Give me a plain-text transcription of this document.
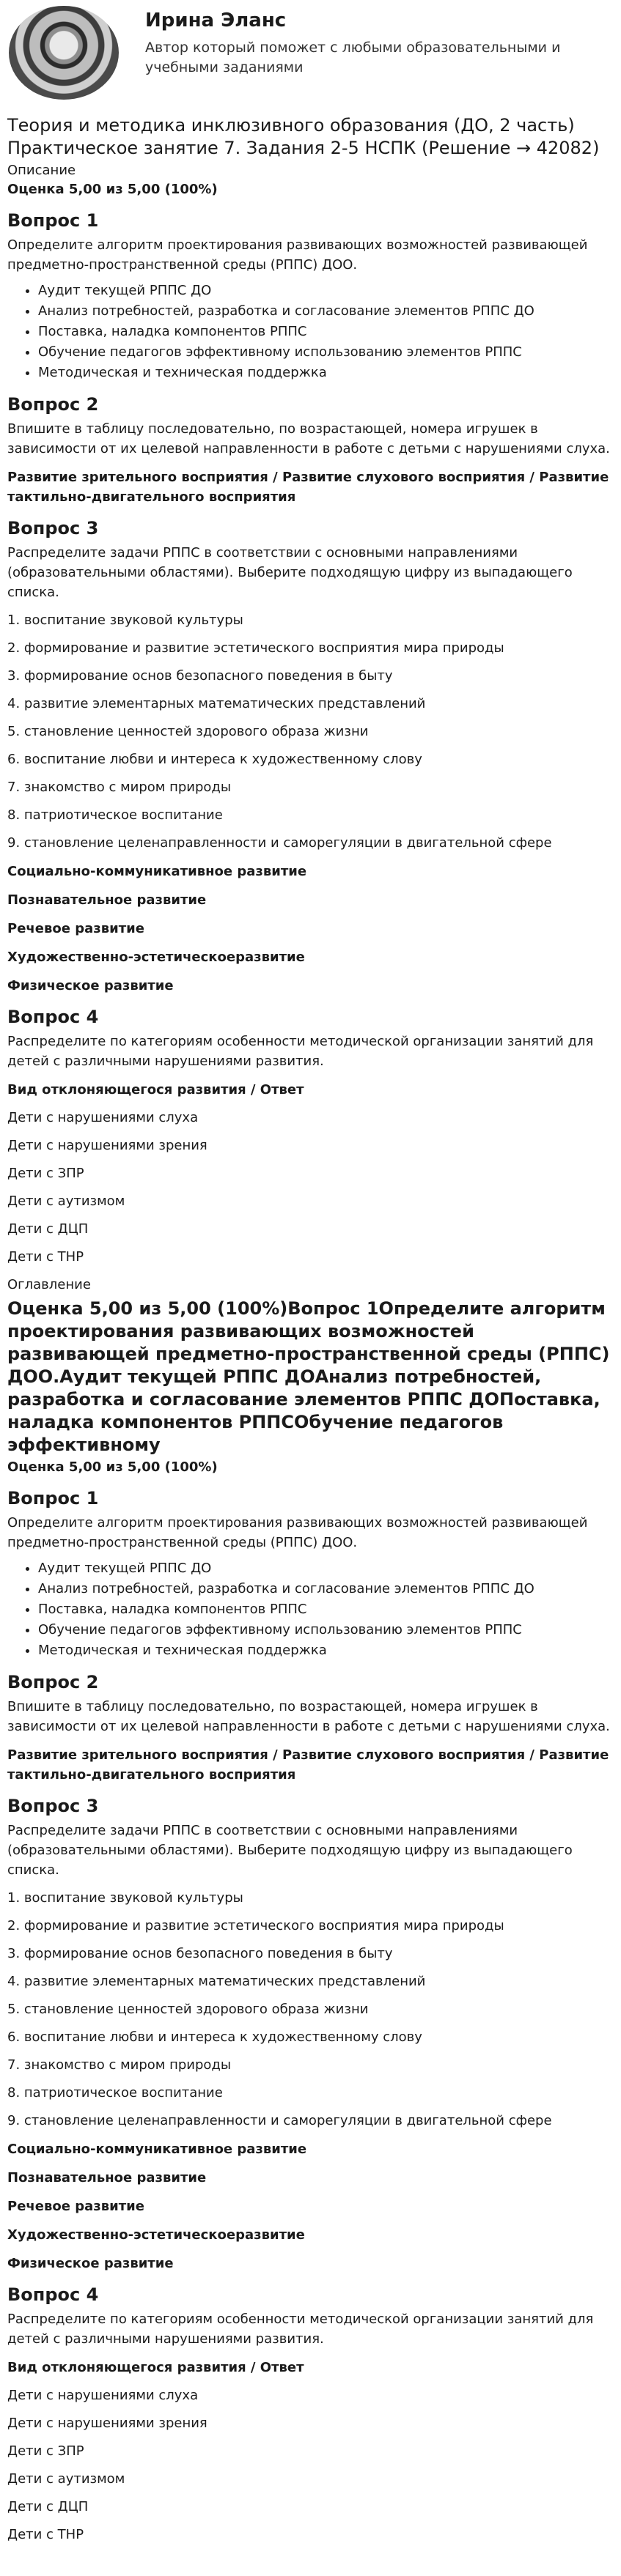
Ирина Эланс
Автор который поможет с любыми образовательными и учебными заданиями
Теория и методика инклюзивного образования (ДО, 2 часть)
Практическое занятие 7. Задания 2-5 НСПК (Решение → 42082)
Описание
Оценка 5,00 из 5,00 (100%)
Вопрос 1
Определите алгоритм проектирования развивающих возможностей развивающей предметно-пространственной среды (РППС) ДОО.
• Аудит текущей РППС ДО
• Анализ потребностей, разработка и согласование элементов РППС ДО
• Поставка, наладка компонентов РППС
• Обучение педагогов эффективному использованию элементов РППС
• Методическая и техническая поддержка
Вопрос 2
Впишите в таблицу последовательно, по возрастающей, номера игрушек в зависимости от их целевой направленности в работе с детьми с нарушениями слуха.
Развитие зрительного восприятия / Развитие слухового восприятия / Развитие тактильно-двигательного восприятия
Вопрос 3
Распределите задачи РППС в соответствии с основными направлениями (образовательными областями). Выберите подходящую цифру из выпадающего списка.
1. воспитание звуковой культуры
2. формирование и развитие эстетического восприятия мира природы
3. формирование основ безопасного поведения в быту
4. развитие элементарных математических представлений
5. становление ценностей здорового образа жизни
6. воспитание любви и интереса к художественному слову
7. знакомство с миром природы
8. патриотическое воспитание
9. становление целенаправленности и саморегуляции в двигательной сфере
Социально-коммуникативное развитие
Познавательное развитие
Речевое развитие
Художественно-эстетическоеразвитие
Физическое развитие
Вопрос 4
Распределите по категориям особенности методической организации занятий для детей с различными нарушениями развития.
Вид отклоняющегося развития / Ответ
Дети с нарушениями слуха
Дети с нарушениями зрения
Дети с ЗПР
Дети с аутизмом
Дети с ДЦП
Дети с ТНР
Оглавление
Оценка 5,00 из 5,00 (100%)Вопрос 1Определите алгоритм проектирования развивающих возможностей развивающей предметно-пространственной среды (РППС) ДОО.Аудит текущей РППС ДОАнализ потребностей, разработка и согласование элементов РППС ДОПоставка, наладка компонентов РППСОбучение педагогов эффективному
Оценка 5,00 из 5,00 (100%)
Вопрос 1
Определите алгоритм проектирования развивающих возможностей развивающей предметно-пространственной среды (РППС) ДОО.
• Аудит текущей РППС ДО
• Анализ потребностей, разработка и согласование элементов РППС ДО
• Поставка, наладка компонентов РППС
• Обучение педагогов эффективному использованию элементов РППС
• Методическая и техническая поддержка
Вопрос 2
Впишите в таблицу последовательно, по возрастающей, номера игрушек в зависимости от их целевой направленности в работе с детьми с нарушениями слуха.
Развитие зрительного восприятия / Развитие слухового восприятия / Развитие тактильно-двигательного восприятия
Вопрос 3
Распределите задачи РППС в соответствии с основными направлениями (образовательными областями). Выберите подходящую цифру из выпадающего списка.
1. воспитание звуковой культуры
2. формирование и развитие эстетического восприятия мира природы
3. формирование основ безопасного поведения в быту
4. развитие элементарных математических представлений
5. становление ценностей здорового образа жизни
6. воспитание любви и интереса к художественному слову
7. знакомство с миром природы
8. патриотическое воспитание
9. становление целенаправленности и саморегуляции в двигательной сфере
Социально-коммуникативное развитие
Познавательное развитие
Речевое развитие
Художественно-эстетическоеразвитие
Физическое развитие
Вопрос 4
Распределите по категориям особенности методической организации занятий для детей с различными нарушениями развития.
Вид отклоняющегося развития / Ответ
Дети с нарушениями слуха
Дети с нарушениями зрения
Дети с ЗПР
Дети с аутизмом
Дети с ДЦП
Дети с ТНР
